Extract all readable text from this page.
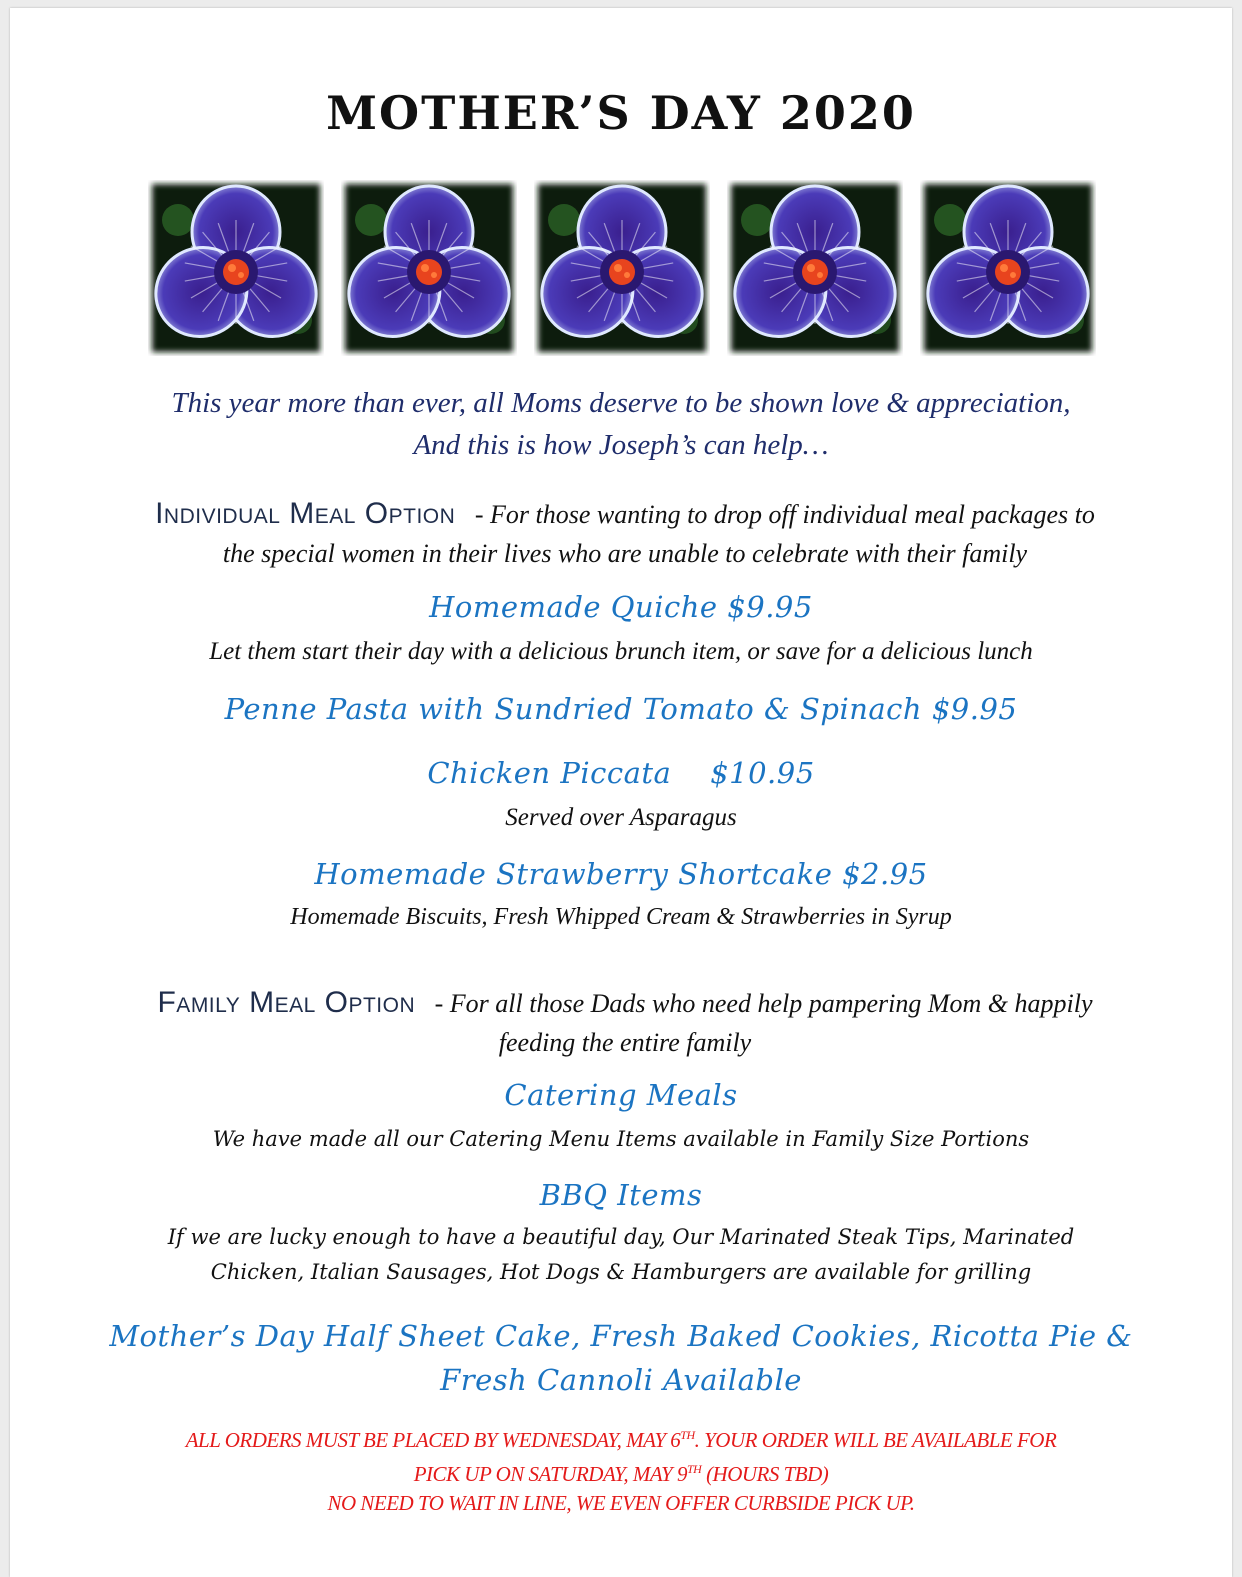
MOTHER’S DAY 2020
This year more than ever, all Moms deserve to be shown love & appreciation,
And this is how Joseph’s can help…
Individual Meal Option - For those wanting to drop off individual meal packages to
the special women in their lives who are unable to celebrate with their family
Homemade Quiche $9.95
Let them start their day with a delicious brunch item, or save for a delicious lunch
Penne Pasta with Sundried Tomato & Spinach $9.95
Chicken Piccata    $10.95
Served over Asparagus
Homemade Strawberry Shortcake $2.95
Homemade Biscuits, Fresh Whipped Cream & Strawberries in Syrup
Family Meal Option - For all those Dads who need help pampering Mom & happily
feeding the entire family
Catering Meals
We have made all our Catering Menu Items available in Family Size Portions
BBQ Items
If we are lucky enough to have a beautiful day, Our Marinated Steak Tips, Marinated
Chicken, Italian Sausages, Hot Dogs & Hamburgers are available for grilling
Mother’s Day Half Sheet Cake, Fresh Baked Cookies, Ricotta Pie &
Fresh Cannoli Available
ALL ORDERS MUST BE PLACED BY WEDNESDAY, MAY 6TH. YOUR ORDER WILL BE AVAILABLE FOR
PICK UP ON SATURDAY, MAY 9TH (HOURS TBD)
NO NEED TO WAIT IN LINE, WE EVEN OFFER CURBSIDE PICK UP.
